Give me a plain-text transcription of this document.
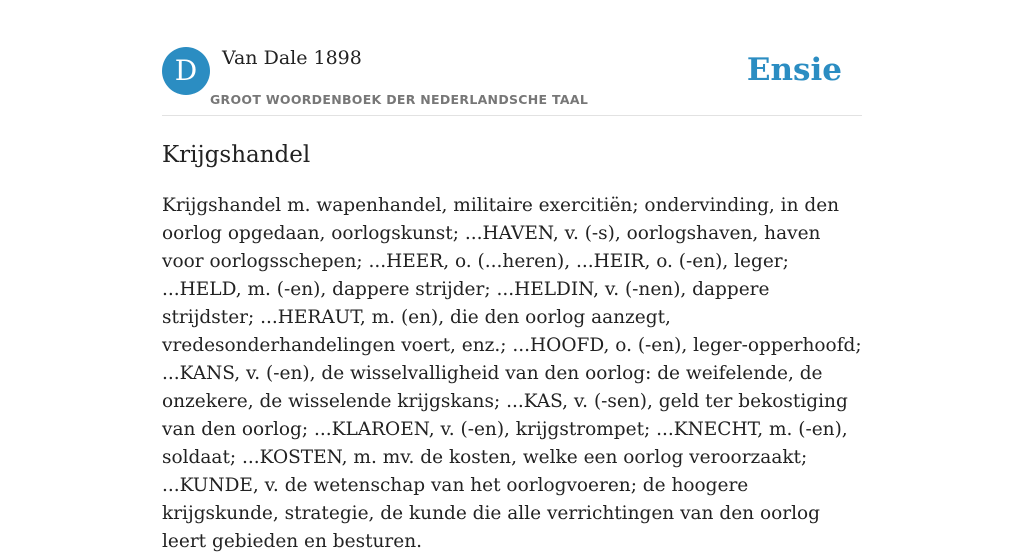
D	Van Dale 1898
GROOT WOORDENBOEK DER NEDERLANDSCHE TAAL
Ensie
Krijgshandel

Krijgshandel m. wapenhandel, militaire exercitiën; ondervinding, in den oorlog opgedaan, oorlogskunst; ...HAVEN, v. (-s), oorlogshaven, haven voor oorlogsschepen; ...HEER, o. (...heren), ...HEIR, o. (-en), leger; ...HELD, m. (-en), dappere strijder; ...HELDIN, v. (-nen), dappere strijdster; ...HERAUT, m. (en), die den oorlog aanzegt, vredesonderhandelingen voert, enz.; ...HOOFD, o. (-en), leger-opperhoofd; ...KANS, v. (-en), de wisselvalligheid van den oorlog: de weifelende, de onzekere, de wisselende krijgskans; ...KAS, v. (-sen), geld ter bekostiging van den oorlog; ...KLAROEN, v. (-en), krijgstrompet; ...KNECHT, m. (-en), soldaat; ...KOSTEN, m. mv. de kosten, welke een oorlog veroorzaakt; ...KUNDE, v. de wetenschap van het oorlogvoeren; de hoogere krijgskunde, strategie, de kunde die alle verrichtingen van den oorlog leert gebieden en besturen.
